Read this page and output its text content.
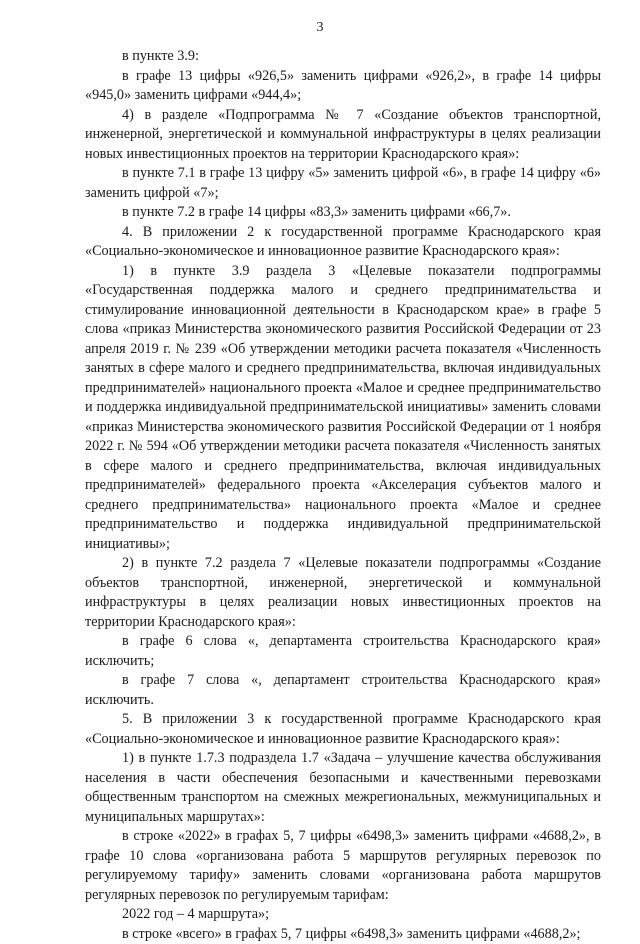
3

в пункте 3.9:

в графе 13 цифры «926,5» заменить цифрами «926,2», в графе 14 цифры «945,0» заменить цифрами «944,4»;

4) в разделе «Подпрограмма № 7 «Создание объектов транспортной, инженерной, энергетической и коммунальной инфраструктуры в целях реализации новых инвестиционных проектов на территории Краснодарского края»:

в пункте 7.1 в графе 13 цифру «5» заменить цифрой «6», в графе 14 цифру «6» заменить цифрой «7»;

в пункте 7.2 в графе 14 цифры «83,3» заменить цифрами «66,7».

4. В приложении 2 к государственной программе Краснодарского края «Социально-экономическое и инновационное развитие Краснодарского края»:

1) в пункте 3.9 раздела 3 «Целевые показатели подпрограммы «Государственная поддержка малого и среднего предпринимательства и стимулирование инновационной деятельности в Краснодарском крае» в графе 5 слова «приказ Министерства экономического развития Российской Федерации от 23 апреля 2019 г. № 239 «Об утверждении методики расчета показателя «Численность занятых в сфере малого и среднего предпринимательства, включая индивидуальных предпринимателей» национального проекта «Малое и среднее предпринимательство и поддержка индивидуальной предпринимательской инициативы» заменить словами «приказ Министерства экономического развития Российской Федерации от 1 ноября 2022 г. № 594 «Об утверждении методики расчета показателя «Численность занятых в сфере малого и среднего предпринимательства, включая индивидуальных предпринимателей» федерального проекта «Акселерация субъектов малого и среднего предпринимательства» национального проекта «Малое и среднее предпринимательство и поддержка индивидуальной предпринимательской инициативы»;

2) в пункте 7.2 раздела 7 «Целевые показатели подпрограммы «Создание объектов транспортной, инженерной, энергетической и коммунальной инфраструктуры в целях реализации новых инвестиционных проектов на территории Краснодарского края»:

в графе 6 слова «, департамента строительства Краснодарского края» исключить;

в графе 7 слова «, департамент строительства Краснодарского края» исключить.

5. В приложении 3 к государственной программе Краснодарского края «Социально-экономическое и инновационное развитие Краснодарского края»:

1) в пункте 1.7.3 подраздела 1.7 «Задача – улучшение качества обслуживания населения в части обеспечения безопасными и качественными перевозками общественным транспортом на смежных межрегиональных, межмуниципальных и муниципальных маршрутах»:

в строке «2022» в графах 5, 7 цифры «6498,3» заменить цифрами «4688,2», в графе 10 слова «организована работа 5 маршрутов регулярных перевозок по регулируемому тарифу» заменить словами «организована работа маршрутов регулярных перевозок по регулируемым тарифам:

2022 год – 4 маршрута»;

в строке «всего» в графах 5, 7 цифры «6498,3» заменить цифрами «4688,2»;
